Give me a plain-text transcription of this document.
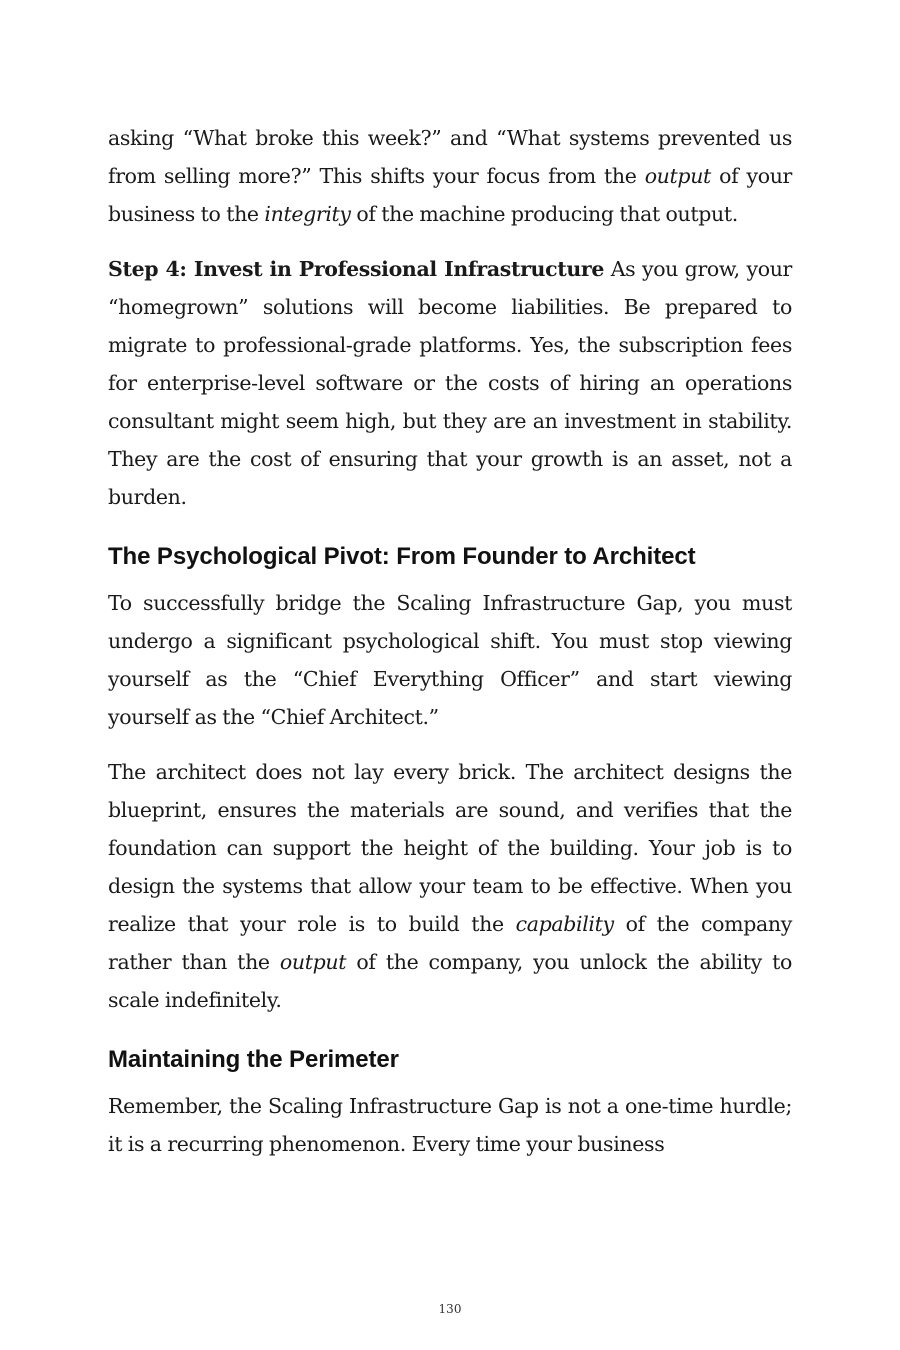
asking “What broke this week?” and “What systems prevented us from selling more?” This shifts your focus from the output of your business to the integrity of the machine producing that output.

Step 4: Invest in Professional Infrastructure As you grow, your “homegrown” solutions will become liabilities. Be prepared to migrate to professional-grade platforms. Yes, the subscription fees for enterprise-level software or the costs of hiring an operations consultant might seem high, but they are an investment in stability. They are the cost of ensuring that your growth is an asset, not a burden.

The Psychological Pivot: From Founder to Architect

To successfully bridge the Scaling Infrastructure Gap, you must undergo a significant psychological shift. You must stop viewing yourself as the “Chief Everything Officer” and start viewing yourself as the “Chief Architect.”

The architect does not lay every brick. The architect designs the blueprint, ensures the materials are sound, and verifies that the foundation can support the height of the building. Your job is to design the systems that allow your team to be effective. When you realize that your role is to build the capability of the company rather than the output of the company, you unlock the ability to scale indefinitely.

Maintaining the Perimeter

Remember, the Scaling Infrastructure Gap is not a one-time hurdle; it is a recurring phenomenon. Every time your business

130
